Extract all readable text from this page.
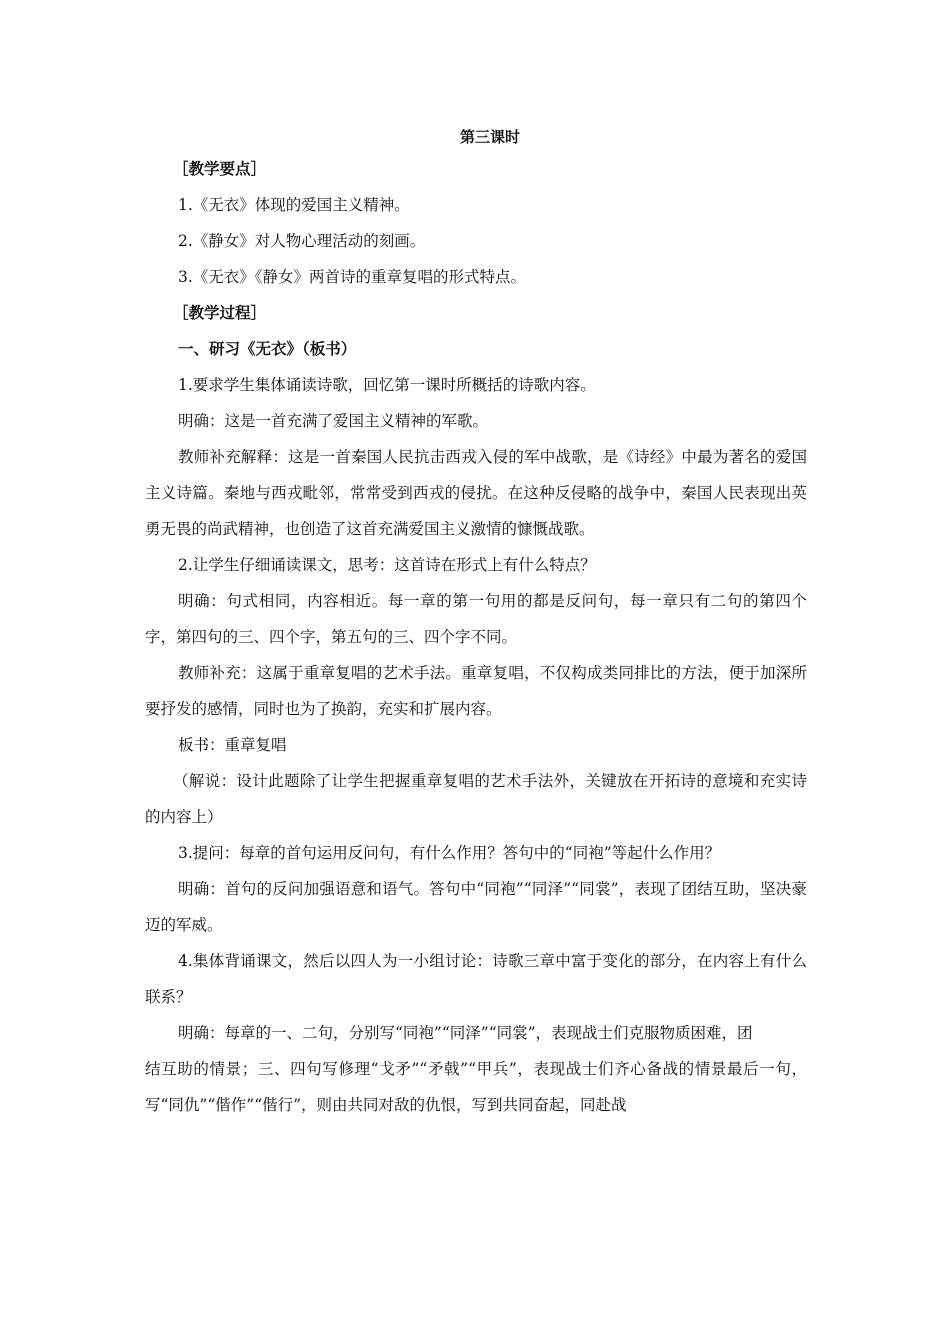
第三课时

［教学要点］

1.《无衣》体现的爱国主义精神。

2.《静女》对人物心理活动的刻画。

3.《无衣》《静女》两首诗的重章复唱的形式特点。

［教学过程］

一、研习《无衣》（板书）

1.要求学生集体诵读诗歌，回忆第一课时所概括的诗歌内容。

明确：这是一首充满了爱国主义精神的军歌。

教师补充解释：这是一首秦国人民抗击西戎入侵的军中战歌，是《诗经》中最为著名的爱国主义诗篇。秦地与西戎毗邻，常常受到西戎的侵扰。在这种反侵略的战争中，秦国人民表现出英勇无畏的尚武精神，也创造了这首充满爱国主义激情的慷慨战歌。

2.让学生仔细诵读课文，思考：这首诗在形式上有什么特点？

明确：句式相同，内容相近。每一章的第一句用的都是反问句，每一章只有二句的第四个字，第四句的三、四个字，第五句的三、四个字不同。

教师补充：这属于重章复唱的艺术手法。重章复唱，不仅构成类同排比的方法，便于加深所要抒发的感情，同时也为了换韵，充实和扩展内容。

板书：重章复唱

（解说：设计此题除了让学生把握重章复唱的艺术手法外，关键放在开拓诗的意境和充实诗的内容上）

3.提问：每章的首句运用反问句，有什么作用？答句中的“同袍”等起什么作用？

明确：首句的反问加强语意和语气。答句中“同袍”“同泽”“同裳”，表现了团结互助，坚决豪迈的军威。

4.集体背诵课文，然后以四人为一小组讨论：诗歌三章中富于变化的部分，在内容上有什么联系？

明确：每章的一、二句，分别写“同袍”“同泽”“同裳”，表现战士们克服物质困难，团

结互助的情景；三、四句写修理“戈矛”“矛戟”“甲兵”，表现战士们齐心备战的情景最后一句，写“同仇”“偕作”“偕行”，则由共同对敌的仇恨，写到共同奋起，同赴战
